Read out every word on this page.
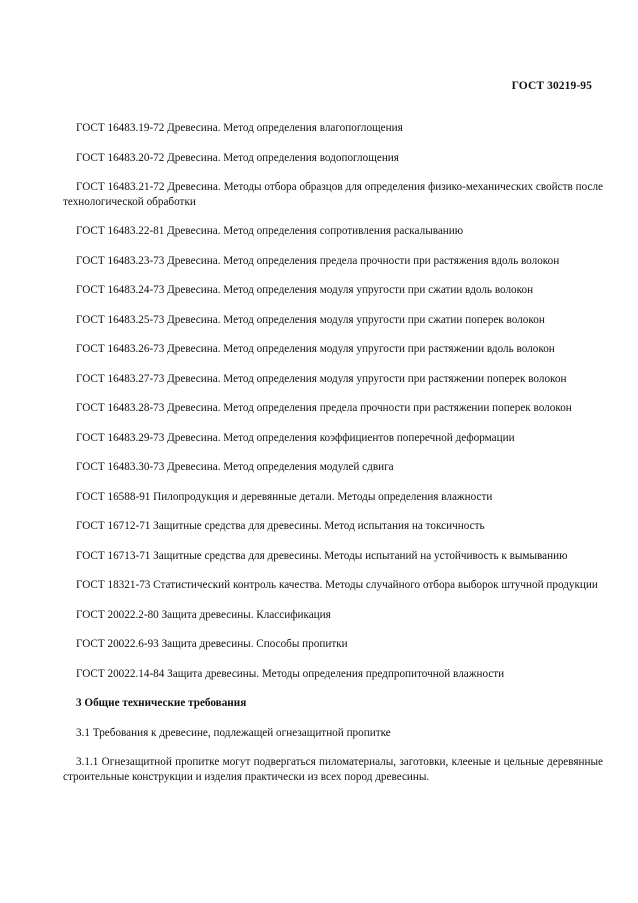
ГОСТ 30219-95

ГОСТ 16483.19-72 Древесина. Метод определения влагопоглощения

ГОСТ 16483.20-72 Древесина. Метод определения водопоглощения

ГОСТ 16483.21-72 Древесина. Методы отбора образцов для определения физико-механических свойств после технологической обработки

ГОСТ 16483.22-81 Древесина. Метод определения сопротивления раскалыванию

ГОСТ 16483.23-73 Древесина. Метод определения предела прочности при растяжения вдоль волокон

ГОСТ 16483.24-73 Древесина. Метод определения модуля упругости при сжатии вдоль волокон

ГОСТ 16483.25-73 Древесина. Метод определения модуля упругости при сжатии поперек волокон

ГОСТ 16483.26-73 Древесина. Метод определения модуля упругости при растяжении вдоль волокон

ГОСТ 16483.27-73 Древесина. Метод определения модуля упругости при растяжении поперек волокон

ГОСТ 16483.28-73 Древесина. Метод определения предела прочности при растяжении поперек волокон

ГОСТ 16483.29-73 Древесина. Метод определения коэффициентов поперечной деформации

ГОСТ 16483.30-73 Древесина. Метод определения модулей сдвига

ГОСТ 16588-91 Пилопродукция и деревянные детали. Методы определения влажности

ГОСТ 16712-71 Защитные средства для древесины. Метод испытания на токсичность

ГОСТ 16713-71 Защитные средства для древесины. Методы испытаний на устойчивость к вымыванию

ГОСТ 18321-73 Статистический контроль качества. Методы случайного отбора выборок штучной продукции

ГОСТ 20022.2-80 Защита древесины. Классификация

ГОСТ 20022.6-93 Защита древесины. Способы пропитки

ГОСТ 20022.14-84 Защита древесины. Методы определения предпропиточной влажности

3 Общие технические требования

3.1 Требования к древесине, подлежащей огнезащитной пропитке

3.1.1 Огнезащитной пропитке могут подвергаться пиломатериалы, заготовки, клееные и цельные деревянные строительные конструкции и изделия практически из всех пород древесины.
